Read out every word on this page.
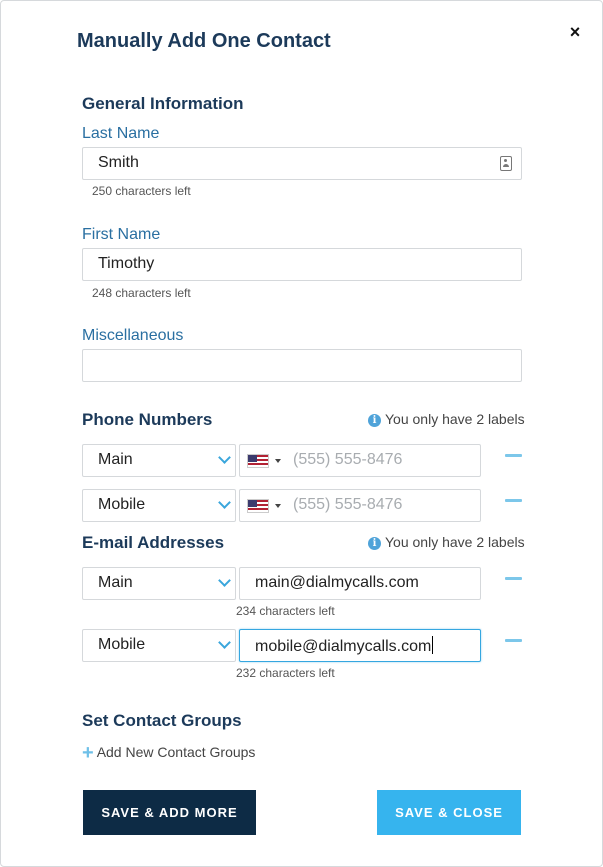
×
Manually Add One Contact
General Information
Last Name
Smith
250 characters left
First Name
Timothy
248 characters left
Miscellaneous
Phone Numbers	i You only have 2 labels
Main	(555) 555-8476
Mobile	(555) 555-8476
E-mail Addresses	i You only have 2 labels
Main	main@dialmycalls.com
234 characters left
Mobile	mobile@dialmycalls.com
232 characters left
Set Contact Groups
+ Add New Contact Groups
SAVE & ADD MORE	SAVE & CLOSE
